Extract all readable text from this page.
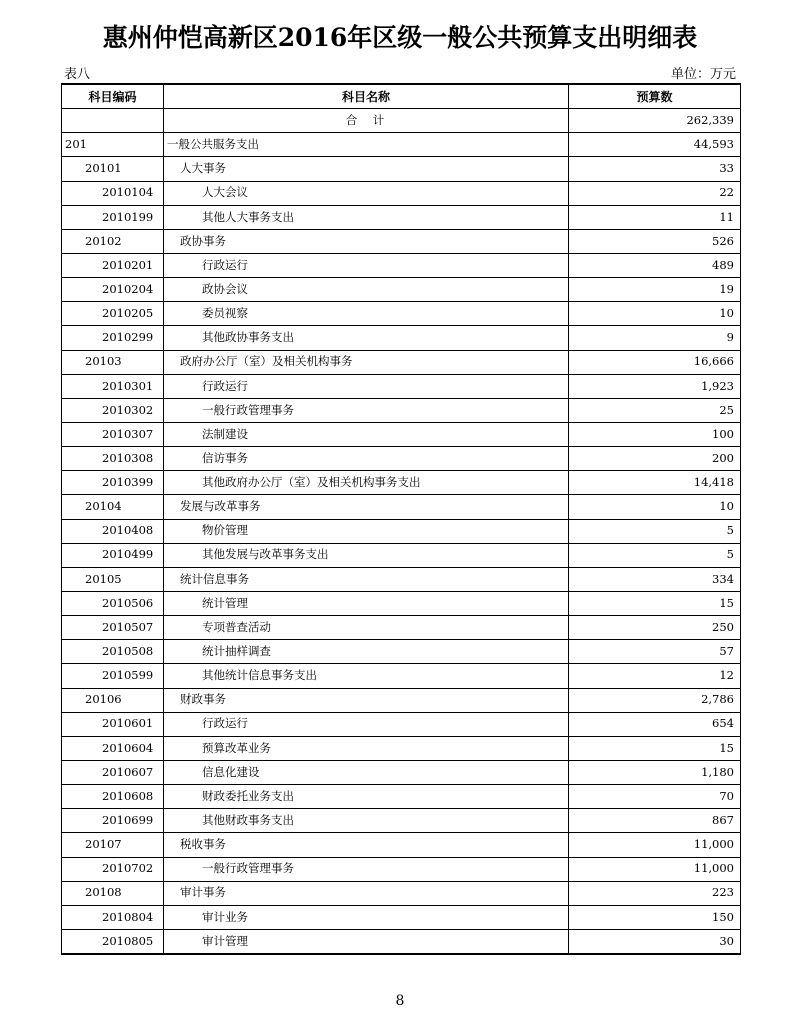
惠州仲恺高新区2016年区级一般公共预算支出明细表
表八	单位：万元
科目编码	科目名称	预算数
	合　计	262,339
201	一般公共服务支出	44,593
20101	人大事务	33
2010104	人大会议	22
2010199	其他人大事务支出	11
20102	政协事务	526
2010201	行政运行	489
2010204	政协会议	19
2010205	委员视察	10
2010299	其他政协事务支出	9
20103	政府办公厅（室）及相关机构事务	16,666
2010301	行政运行	1,923
2010302	一般行政管理事务	25
2010307	法制建设	100
2010308	信访事务	200
2010399	其他政府办公厅（室）及相关机构事务支出	14,418
20104	发展与改革事务	10
2010408	物价管理	5
2010499	其他发展与改革事务支出	5
20105	统计信息事务	334
2010506	统计管理	15
2010507	专项普查活动	250
2010508	统计抽样调查	57
2010599	其他统计信息事务支出	12
20106	财政事务	2,786
2010601	行政运行	654
2010604	预算改革业务	15
2010607	信息化建设	1,180
2010608	财政委托业务支出	70
2010699	其他财政事务支出	867
20107	税收事务	11,000
2010702	一般行政管理事务	11,000
20108	审计事务	223
2010804	审计业务	150
2010805	审计管理	30
8
